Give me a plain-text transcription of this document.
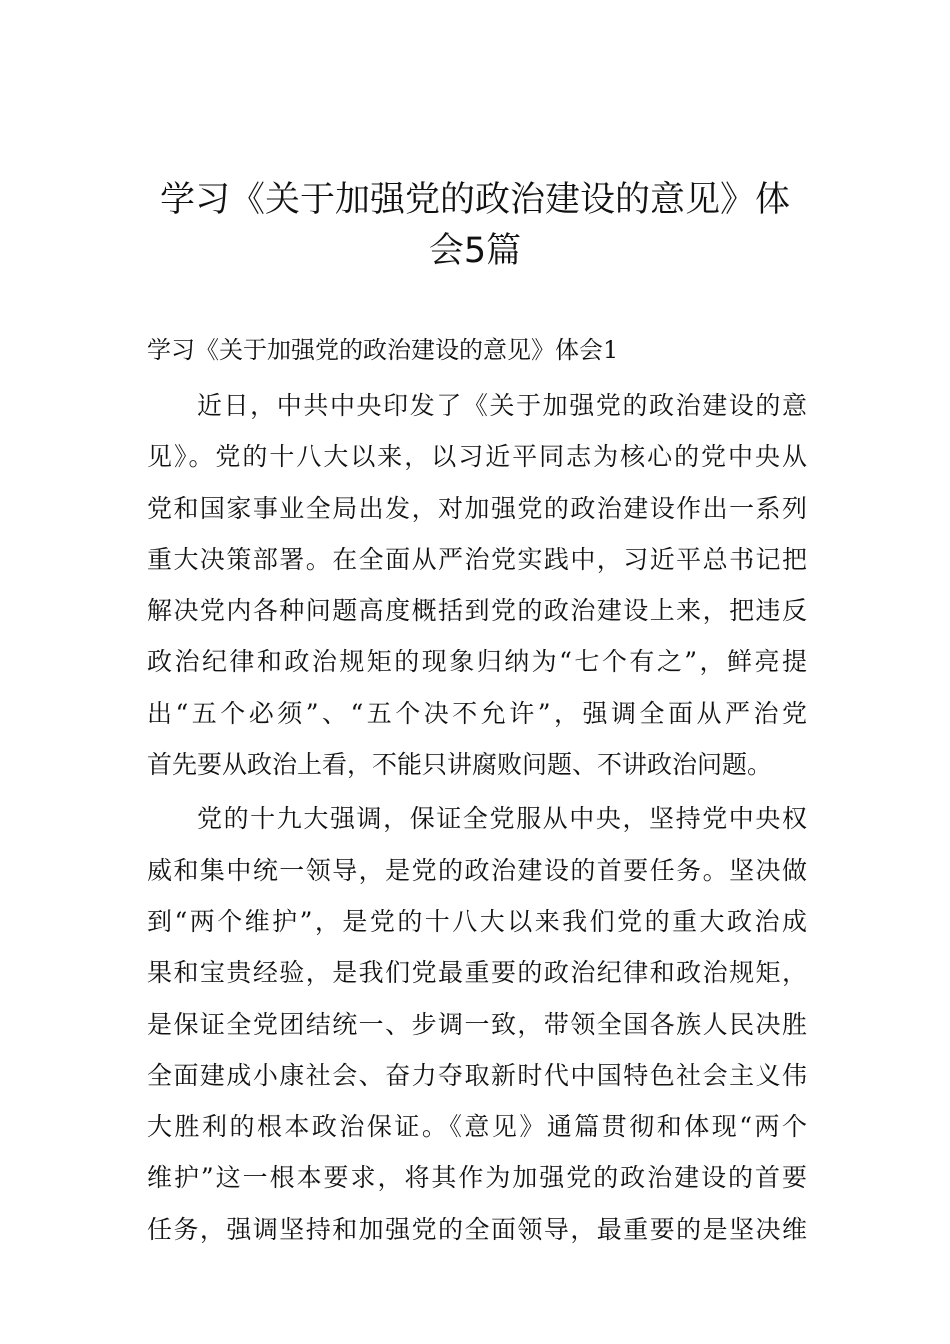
学习《关于加强党的政治建设的意见》体
会5篇
学习《关于加强党的政治建设的意见》体会1
近日，中共中央印发了《关于加强党的政治建设的意
见》。党的十八大以来，以习近平同志为核心的党中央从
党和国家事业全局出发，对加强党的政治建设作出一系列
重大决策部署。在全面从严治党实践中，习近平总书记把
解决党内各种问题高度概括到党的政治建设上来，把违反
政治纪律和政治规矩的现象归纳为“七个有之”，鲜亮提
出“五个必须”、“五个决不允许”，强调全面从严治党
首先要从政治上看，不能只讲腐败问题、不讲政治问题。
党的十九大强调，保证全党服从中央，坚持党中央权
威和集中统一领导，是党的政治建设的首要任务。坚决做
到“两个维护”，是党的十八大以来我们党的重大政治成
果和宝贵经验，是我们党最重要的政治纪律和政治规矩，
是保证全党团结统一、步调一致，带领全国各族人民决胜
全面建成小康社会、奋力夺取新时代中国特色社会主义伟
大胜利的根本政治保证。《意见》通篇贯彻和体现“两个
维护”这一根本要求，将其作为加强党的政治建设的首要
任务，强调坚持和加强党的全面领导，最重要的是坚决维
